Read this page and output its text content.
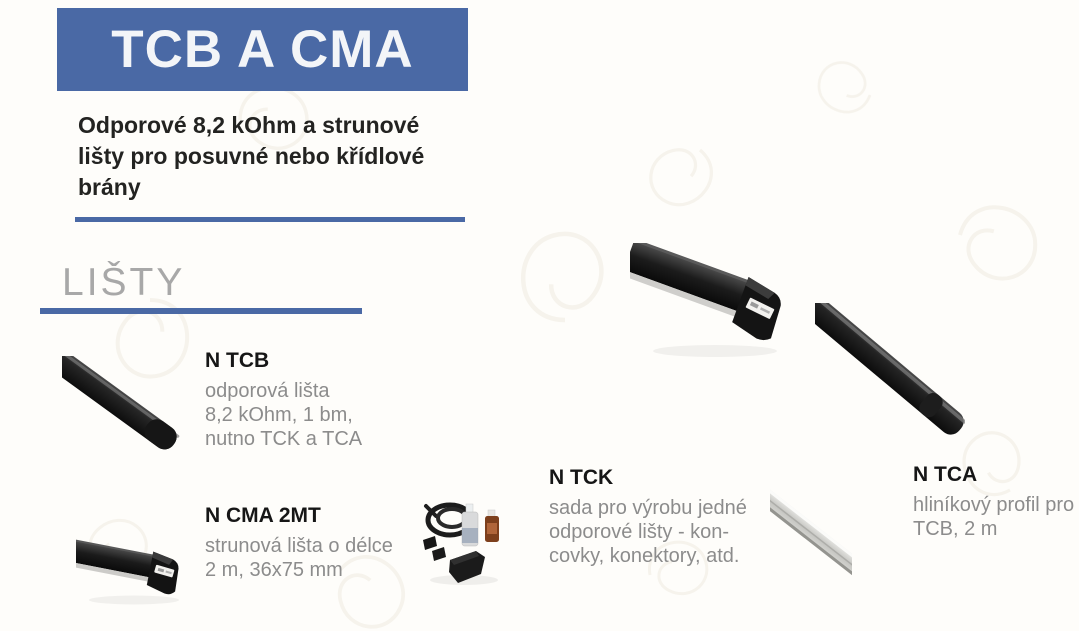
TCB A CMA
Odporové 8,2 kOhm a strunové
lišty pro posuvné nebo křídlové
brány
LIŠTY
N TCB
odporová lišta
8,2 kOhm, 1 bm,
nutno TCK a TCA
N CMA 2MT
strunová lišta o délce
2 m, 36x75 mm
N TCK
sada pro výrobu jedné
odporové lišty - kon-
covky, konektory, atd.
N TCA
hliníkový profil pro
TCB, 2 m
